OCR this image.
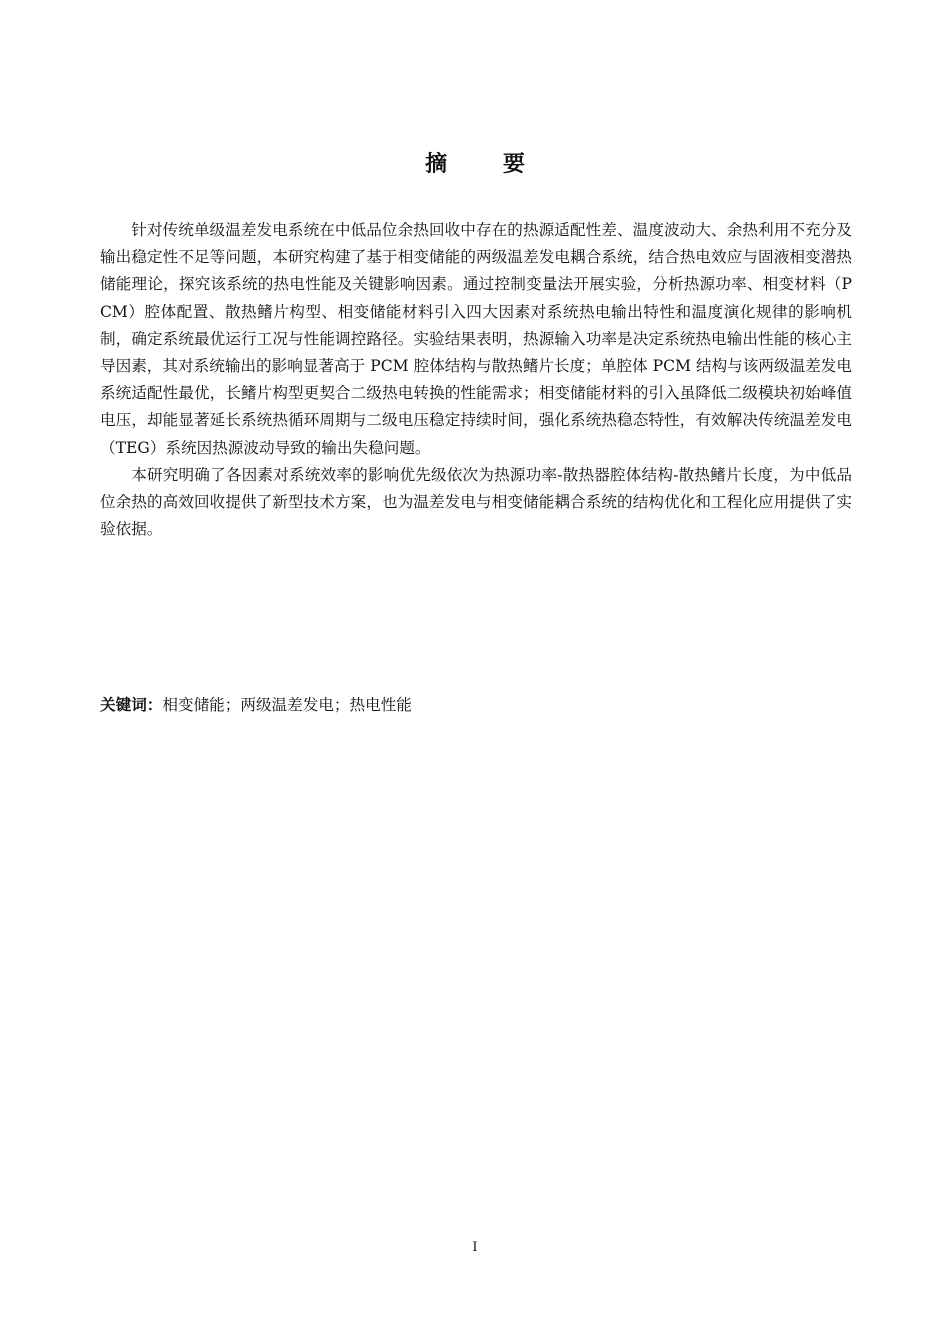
摘 要

针对传统单级温差发电系统在中低品位余热回收中存在的热源适配性差、温度波动大、余热利用不充分及输出稳定性不足等问题，本研究构建了基于相变储能的两级温差发电耦合系统，结合热电效应与固液相变潜热储能理论，探究该系统的热电性能及关键影响因素。通过控制变量法开展实验，分析热源功率、相变材料（PCM）腔体配置、散热鳍片构型、相变储能材料引入四大因素对系统热电输出特性和温度演化规律的影响机制，确定系统最优运行工况与性能调控路径。实验结果表明，热源输入功率是决定系统热电输出性能的核心主导因素，其对系统输出的影响显著高于 PCM 腔体结构与散热鳍片长度；单腔体 PCM 结构与该两级温差发电系统适配性最优，长鳍片构型更契合二级热电转换的性能需求；相变储能材料的引入虽降低二级模块初始峰值电压，却能显著延长系统热循环周期与二级电压稳定持续时间，强化系统热稳态特性，有效解决传统温差发电（TEG）系统因热源波动导致的输出失稳问题。

本研究明确了各因素对系统效率的影响优先级依次为热源功率-散热器腔体结构-散热鳍片长度，为中低品位余热的高效回收提供了新型技术方案，也为温差发电与相变储能耦合系统的结构优化和工程化应用提供了实验依据。

关键词：相变储能；两级温差发电；热电性能

I
